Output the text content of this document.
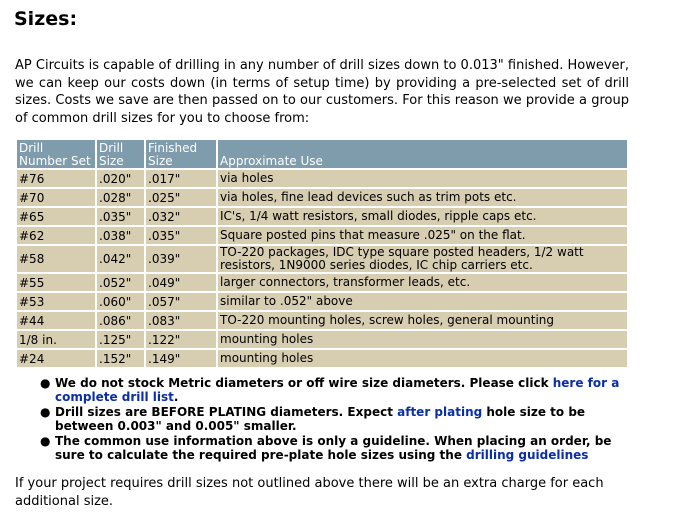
Sizes:

AP Circuits is capable of drilling in any number of drill sizes down to 0.013" finished. However, we can keep our costs down (in terms of setup time) by providing a pre-selected set of drill sizes. Costs we save are then passed on to our customers. For this reason we provide a group of common drill sizes for you to choose from:

Drill Number Set	Drill Size	Finished Size	Approximate Use
#76	.020"	.017"	via holes
#70	.028"	.025"	via holes, fine lead devices such as trim pots etc.
#65	.035"	.032"	IC's, 1/4 watt resistors, small diodes, ripple caps etc.
#62	.038"	.035"	Square posted pins that measure .025" on the flat.
#58	.042"	.039"	TO-220 packages, IDC type square posted headers, 1/2 watt resistors, 1N9000 series diodes, IC chip carriers etc.
#55	.052"	.049"	larger connectors, transformer leads, etc.
#53	.060"	.057"	similar to .052" above
#44	.086"	.083"	TO-220 mounting holes, screw holes, general mounting
1/8 in.	.125"	.122"	mounting holes
#24	.152"	.149"	mounting holes
● We do not stock Metric diameters or off wire size diameters. Please click here for a complete drill list.
● Drill sizes are BEFORE PLATING diameters. Expect after plating hole size to be between 0.003" and 0.005" smaller.
● The common use information above is only a guideline. When placing an order, be sure to calculate the required pre-plate hole sizes using the drilling guidelines

If your project requires drill sizes not outlined above there will be an extra charge for each additional size.
